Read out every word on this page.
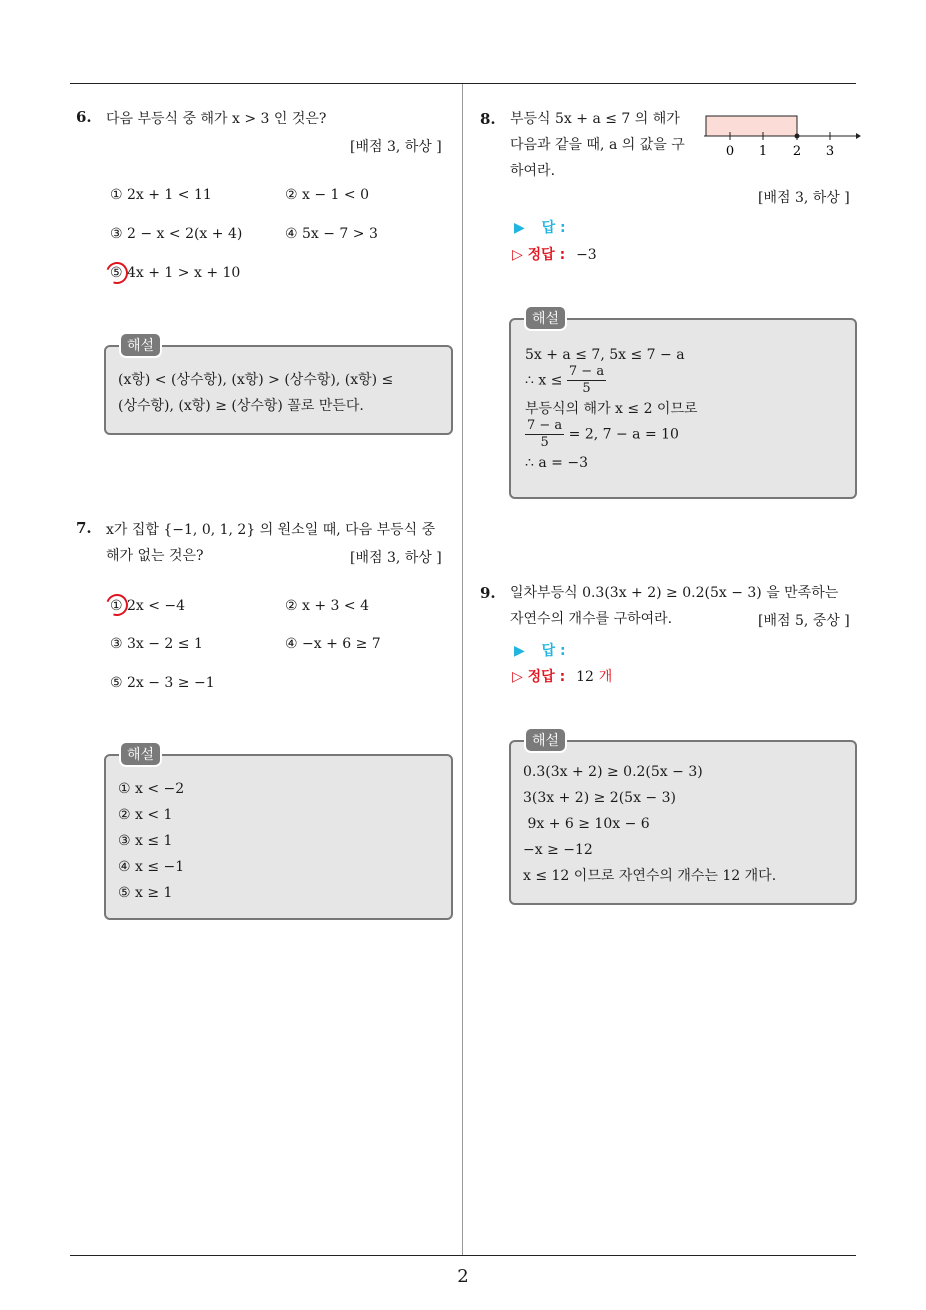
2
6. 다음 부등식 중 해가 x > 3 인 것은?
[배점 3, 하상 ]
① 2x + 1 < 11	② x − 1 < 0
③ 2 − x < 2(x + 4)	④ 5x − 7 > 3
⑤ 4x + 1 > x + 10
(x항) < (상수항), (x항) > (상수항), (x항) ≤
(상수항), (x항) ≥ (상수항) 꼴로 만든다.
해설
7. x가 집합 {−1, 0, 1, 2} 의 원소일 때, 다음 부등식 중
해가 없는 것은?	[배점 3, 하상 ]
① 2x < −4	② x + 3 < 4
③ 3x − 2 ≤ 1	④ −x + 6 ≥ 7
⑤ 2x − 3 ≥ −1
① x < −2
② x < 1
③ x ≤ 1
④ x ≤ −1
⑤ x ≥ 1
해설
8. 부등식 5x + a ≤ 7 의 해가
다음과 같을 때, a 의 값을 구
하여라.
0 1 2 3
[배점 3, 하상 ]
▶ 답 :
▷ 정답 : −3
5x + a ≤ 7, 5x ≤ 7 − a
∴ $x \le \frac{7 - a}{5}$
부등식의 해가 x ≤ 2 이므로
$\frac{7 - a}{5} = 2$, 7 − a = 10
∴ a = −3
해설
9. 일차부등식 0.3(3x + 2) ≥ 0.2(5x − 3) 을 만족하는
자연수의 개수를 구하여라.	[배점 5, 중상 ]
▶ 답 :
▷ 정답 : 12 개
0.3(3x + 2) ≥ 0.2(5x − 3)
3(3x + 2) ≥ 2(5x − 3)
9x + 6 ≥ 10x − 6
−x ≥ −12
x ≤ 12 이므로 자연수의 개수는 12 개다.
해설
